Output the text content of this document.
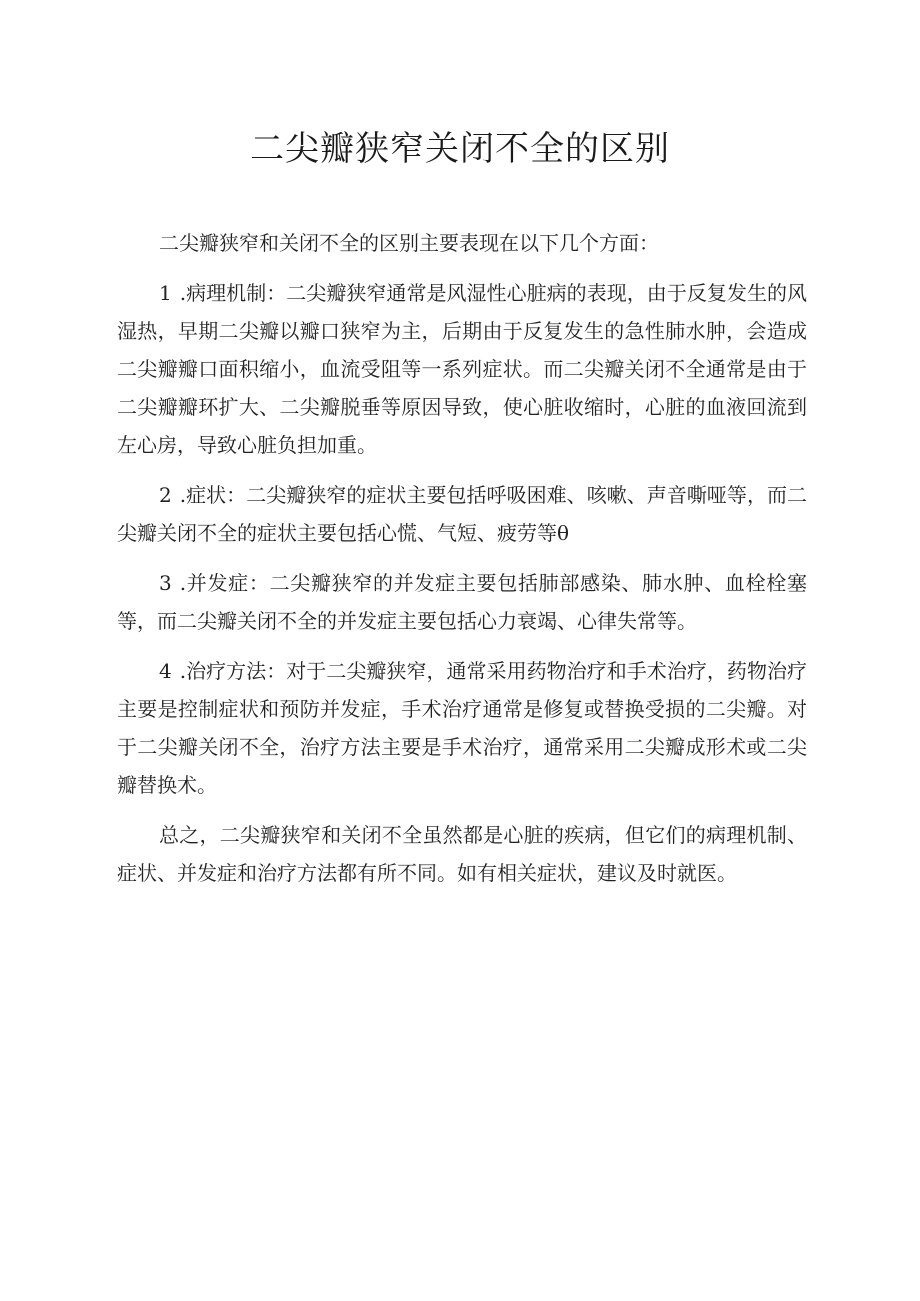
二尖瓣狭窄关闭不全的区别

二尖瓣狭窄和关闭不全的区别主要表现在以下几个方面：

1 .病理机制：二尖瓣狭窄通常是风湿性心脏病的表现，由于反复发生的风湿热，早期二尖瓣以瓣口狭窄为主，后期由于反复发生的急性肺水肿，会造成二尖瓣瓣口面积缩小，血流受阻等一系列症状。而二尖瓣关闭不全通常是由于二尖瓣瓣环扩大、二尖瓣脱垂等原因导致，使心脏收缩时，心脏的血液回流到左心房，导致心脏负担加重。

2 .症状：二尖瓣狭窄的症状主要包括呼吸困难、咳嗽、声音嘶哑等，而二尖瓣关闭不全的症状主要包括心慌、气短、疲劳等θ

3 .并发症：二尖瓣狭窄的并发症主要包括肺部感染、肺水肿、血栓栓塞等，而二尖瓣关闭不全的并发症主要包括心力衰竭、心律失常等。

4 .治疗方法：对于二尖瓣狭窄，通常采用药物治疗和手术治疗，药物治疗主要是控制症状和预防并发症，手术治疗通常是修复或替换受损的二尖瓣。对于二尖瓣关闭不全，治疗方法主要是手术治疗，通常采用二尖瓣成形术或二尖瓣替换术。

总之，二尖瓣狭窄和关闭不全虽然都是心脏的疾病，但它们的病理机制、症状、并发症和治疗方法都有所不同。如有相关症状，建议及时就医。
